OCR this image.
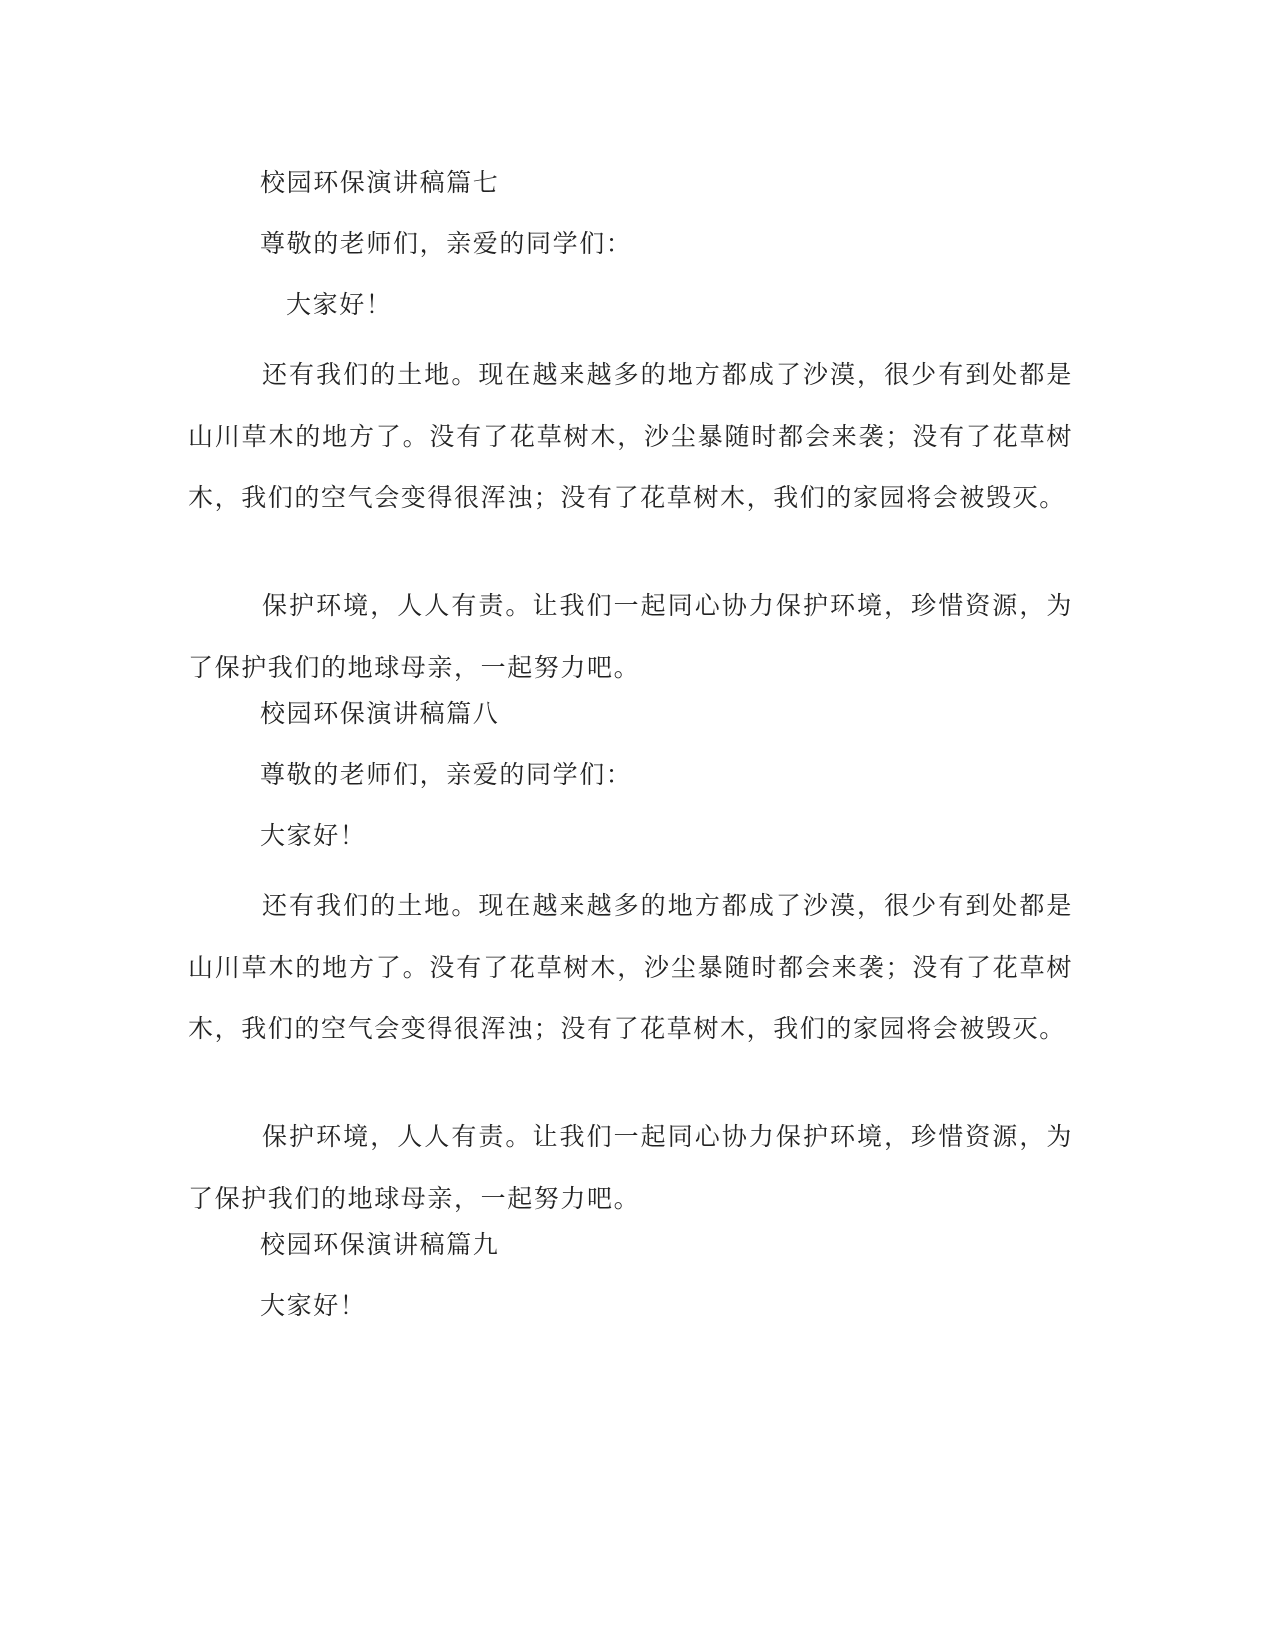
校园环保演讲稿篇七
尊敬的老师们，亲爱的同学们：
大家好！
还有我们的土地。现在越来越多的地方都成了沙漠，很少有到处都是山川草木的地方了。没有了花草树木，沙尘暴随时都会来袭；没有了花草树木，我们的空气会变得很浑浊；没有了花草树木，我们的家园将会被毁灭。
保护环境，人人有责。让我们一起同心协力保护环境，珍惜资源，为了保护我们的地球母亲，一起努力吧。
校园环保演讲稿篇八
尊敬的老师们，亲爱的同学们：
大家好！
还有我们的土地。现在越来越多的地方都成了沙漠，很少有到处都是山川草木的地方了。没有了花草树木，沙尘暴随时都会来袭；没有了花草树木，我们的空气会变得很浑浊；没有了花草树木，我们的家园将会被毁灭。
保护环境，人人有责。让我们一起同心协力保护环境，珍惜资源，为了保护我们的地球母亲，一起努力吧。
校园环保演讲稿篇九
大家好！
